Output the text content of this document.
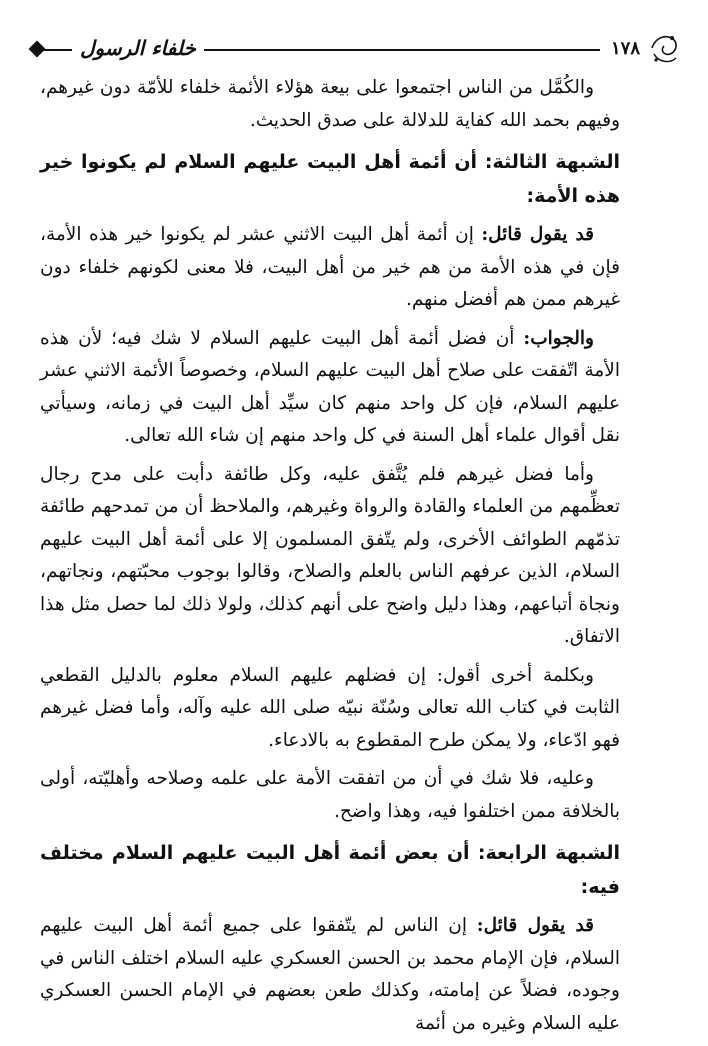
خلفاء الرسول	١٧٨

والكُمَّل من الناس اجتمعوا على بيعة هؤلاء الأئمة خلفاء للأمّة دون غيرهم، وفيهم بحمد الله كفاية للدلالة على صدق الحديث.

الشبهة الثالثة: أن أئمة أهل البيت عليهم السلام لم يكونوا خير هذه الأمة:

قد يقول قائل: إن أئمة أهل البيت الاثني عشر لم يكونوا خير هذه الأمة، فإن في هذه الأمة من هم خير من أهل البيت، فلا معنى لكونهم خلفاء دون غيرهم ممن هم أفضل منهم.

والجواب: أن فضل أئمة أهل البيت عليهم السلام لا شك فيه؛ لأن هذه الأمة اتّفقت على صلاح أهل البيت عليهم السلام، وخصوصاً الأئمة الاثني عشر عليهم السلام، فإن كل واحد منهم كان سيِّد أهل البيت في زمانه، وسيأتي نقل أقوال علماء أهل السنة في كل واحد منهم إن شاء الله تعالى.

وأما فضل غيرهم فلم يُتَّفق عليه، وكل طائفة دأبت على مدح رجال تعظِّمهم من العلماء والقادة والرواة وغيرهم، والملاحظ أن من تمدحهم طائفة تذمّهم الطوائف الأخرى، ولم يتّفق المسلمون إلا على أئمة أهل البيت عليهم السلام، الذين عرفهم الناس بالعلم والصلاح، وقالوا بوجوب محبّتهم، ونجاتهم، ونجاة أتباعهم، وهذا دليل واضح على أنهم كذلك، ولولا ذلك لما حصل مثل هذا الاتفاق.

وبكلمة أخرى أقول: إن فضلهم عليهم السلام معلوم بالدليل القطعي الثابت في كتاب الله تعالى وسُنّة نبيّه صلى الله عليه وآله، وأما فضل غيرهم فهو ادّعاء، ولا يمكن طرح المقطوع به بالادعاء.

وعليه، فلا شك في أن من اتفقت الأمة على علمه وصلاحه وأهليّته، أولى بالخلافة ممن اختلفوا فيه، وهذا واضح.

الشبهة الرابعة: أن بعض أئمة أهل البيت عليهم السلام مختلف فيه:

قد يقول قائل: إن الناس لم يتّفقوا على جميع أئمة أهل البيت عليهم السلام، فإن الإمام محمد بن الحسن العسكري عليه السلام اختلف الناس في وجوده، فضلاً عن إمامته، وكذلك طعن بعضهم في الإمام الحسن العسكري عليه السلام وغيره من أئمة
